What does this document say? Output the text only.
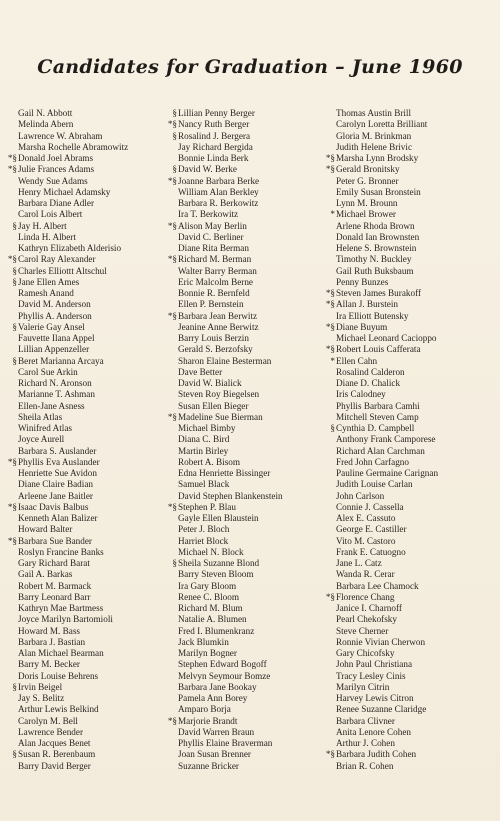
Candidates for Graduation – June 1960
Gail N. Abbott
Melinda Abern
Lawrence W. Abraham
Marsha Rochelle Abramowitz
*§Donald Joel Abrams
*§Julie Frances Adams
Wendy Sue Adams
Henry Michael Adamsky
Barbara Diane Adler
Carol Lois Albert
§Jay H. Albert
Linda H. Albert
Kathryn Elizabeth Alderisio
*§Carol Ray Alexander
§Charles Elliottt Altschul
§Jane Ellen Ames
Ramesh Anand
David M. Anderson
Phyllis A. Anderson
§Valerie Gay Ansel
Fauvette Ilana Appel
Lillian Appenzeller
§Beret Marianna Arcaya
Carol Sue Arkin
Richard N. Aronson
Marianne T. Ashman
Ellen-Jane Asness
Sheila Atlas
Winifred Atlas
Joyce Aurell
Barbara S. Auslander
*§Phyllis Eva Auslander
Henriette Sue Avidon
Diane Claire Badian
Arleene Jane Baitler
*§Isaac Davis Balbus
Kenneth Alan Balizer
Howard Balter
*§Barbara Sue Bander
Roslyn Francine Banks
Gary Richard Barat
Gail A. Barkas
Robert M. Barmack
Barry Leonard Barr
Kathryn Mae Bartmess
Joyce Marilyn Bartomioli
Howard M. Bass
Barbara J. Bastian
Alan Michael Bearman
Barry M. Becker
Doris Louise Behrens
§Irvin Beigel
Jay S. Belitz
Arthur Lewis Belkind
Carolyn M. Bell
Lawrence Bender
Alan Jacques Benet
§Susan R. Berenbaum
Barry David Berger
§Lillian Penny Berger
*§Nancy Ruth Berger
§Rosalind J. Bergera
Jay Richard Bergida
Bonnie Linda Berk
§David W. Berke
*§Joanne Barbara Berke
William Alan Berkley
Barbara R. Berkowitz
Ira T. Berkowitz
*§Alison May Berlin
David C. Berliner
Diane Rita Berman
*§Richard M. Berman
Walter Barry Berman
Eric Malcolm Berne
Bonnie R. Bernfeld
Ellen P. Bernstein
*§Barbara Jean Berwitz
Jeanine Anne Berwitz
Barry Louis Berzin
Gerald S. Berzofsky
Sharon Elaine Besterman
Dave Better
David W. Bialick
Steven Roy Biegelsen
Susan Ellen Bieger
*§Madeline Sue Bierman
Michael Bimby
Diana C. Bird
Martin Birley
Robert A. Bisom
Edna Henriette Bissinger
Samuel Black
David Stephen Blankenstein
*§Stephen P. Blau
Gayle Ellen Blaustein
Peter J. Bloch
Harriet Block
Michael N. Block
§Sheila Suzanne Blond
Barry Steven Bloom
Ira Gary Bloom
Renee C. Bloom
Richard M. Blum
Natalie A. Blumen
Fred I. Blumenkranz
Jack Blumkin
Marilyn Bogner
Stephen Edward Bogoff
Melvyn Seymour Bomze
Barbara Jane Bookay
Pamela Ann Borey
Amparo Borja
*§Marjorie Brandt
David Warren Braun
Phyllis Elaine Braverman
Joan Susan Brenner
Suzanne Bricker
Thomas Austin Brill
Carolyn Loretta Brilliant
Gloria M. Brinkman
Judith Helene Brivic
*§Marsha Lynn Brodsky
*§Gerald Bronitsky
Peter G. Bronner
Emily Susan Bronstein
Lynn M. Brounn
*Michael Brower
Arlene Rhoda Brown
Donald Ian Brownsten
Helene S. Brownstein
Timothy N. Buckley
Gail Ruth Buksbaum
Penny Bunzes
*§Steven James Burakoff
*§Allan J. Burstein
Ira Elliott Butensky
*§Diane Buyum
Michael Leonard Cacioppo
*§Robert Louis Cafferata
*Ellen Cahn
Rosalind Calderon
Diane D. Chalick
Iris Calodney
Phyllis Barbara Camhi
Mitchell Steven Camp
§Cynthia D. Campbell
Anthony Frank Camporese
Richard Alan Carchman
Fred John Carfagno
Pauline Germaine Carignan
Judith Louise Carlan
John Carlson
Connie J. Cassella
Alex E. Cassuto
George E. Castiller
Vito M. Castoro
Frank E. Catuogno
Jane L. Catz
Wanda R. Cerar
Barbara Lee Chamock
*§Florence Chang
Janice I. Charnoff
Pearl Chekofsky
Steve Cherner
Ronnie Vivian Cherwon
Gary Chicofsky
John Paul Christiana
Tracy Lesley Cinis
Marilyn Citrin
Harvey Lewis Citron
Renee Suzanne Claridge
Barbara Clivner
Anita Lenore Cohen
Arthur J. Cohen
*§Barbara Judith Cohen
Brian R. Cohen
